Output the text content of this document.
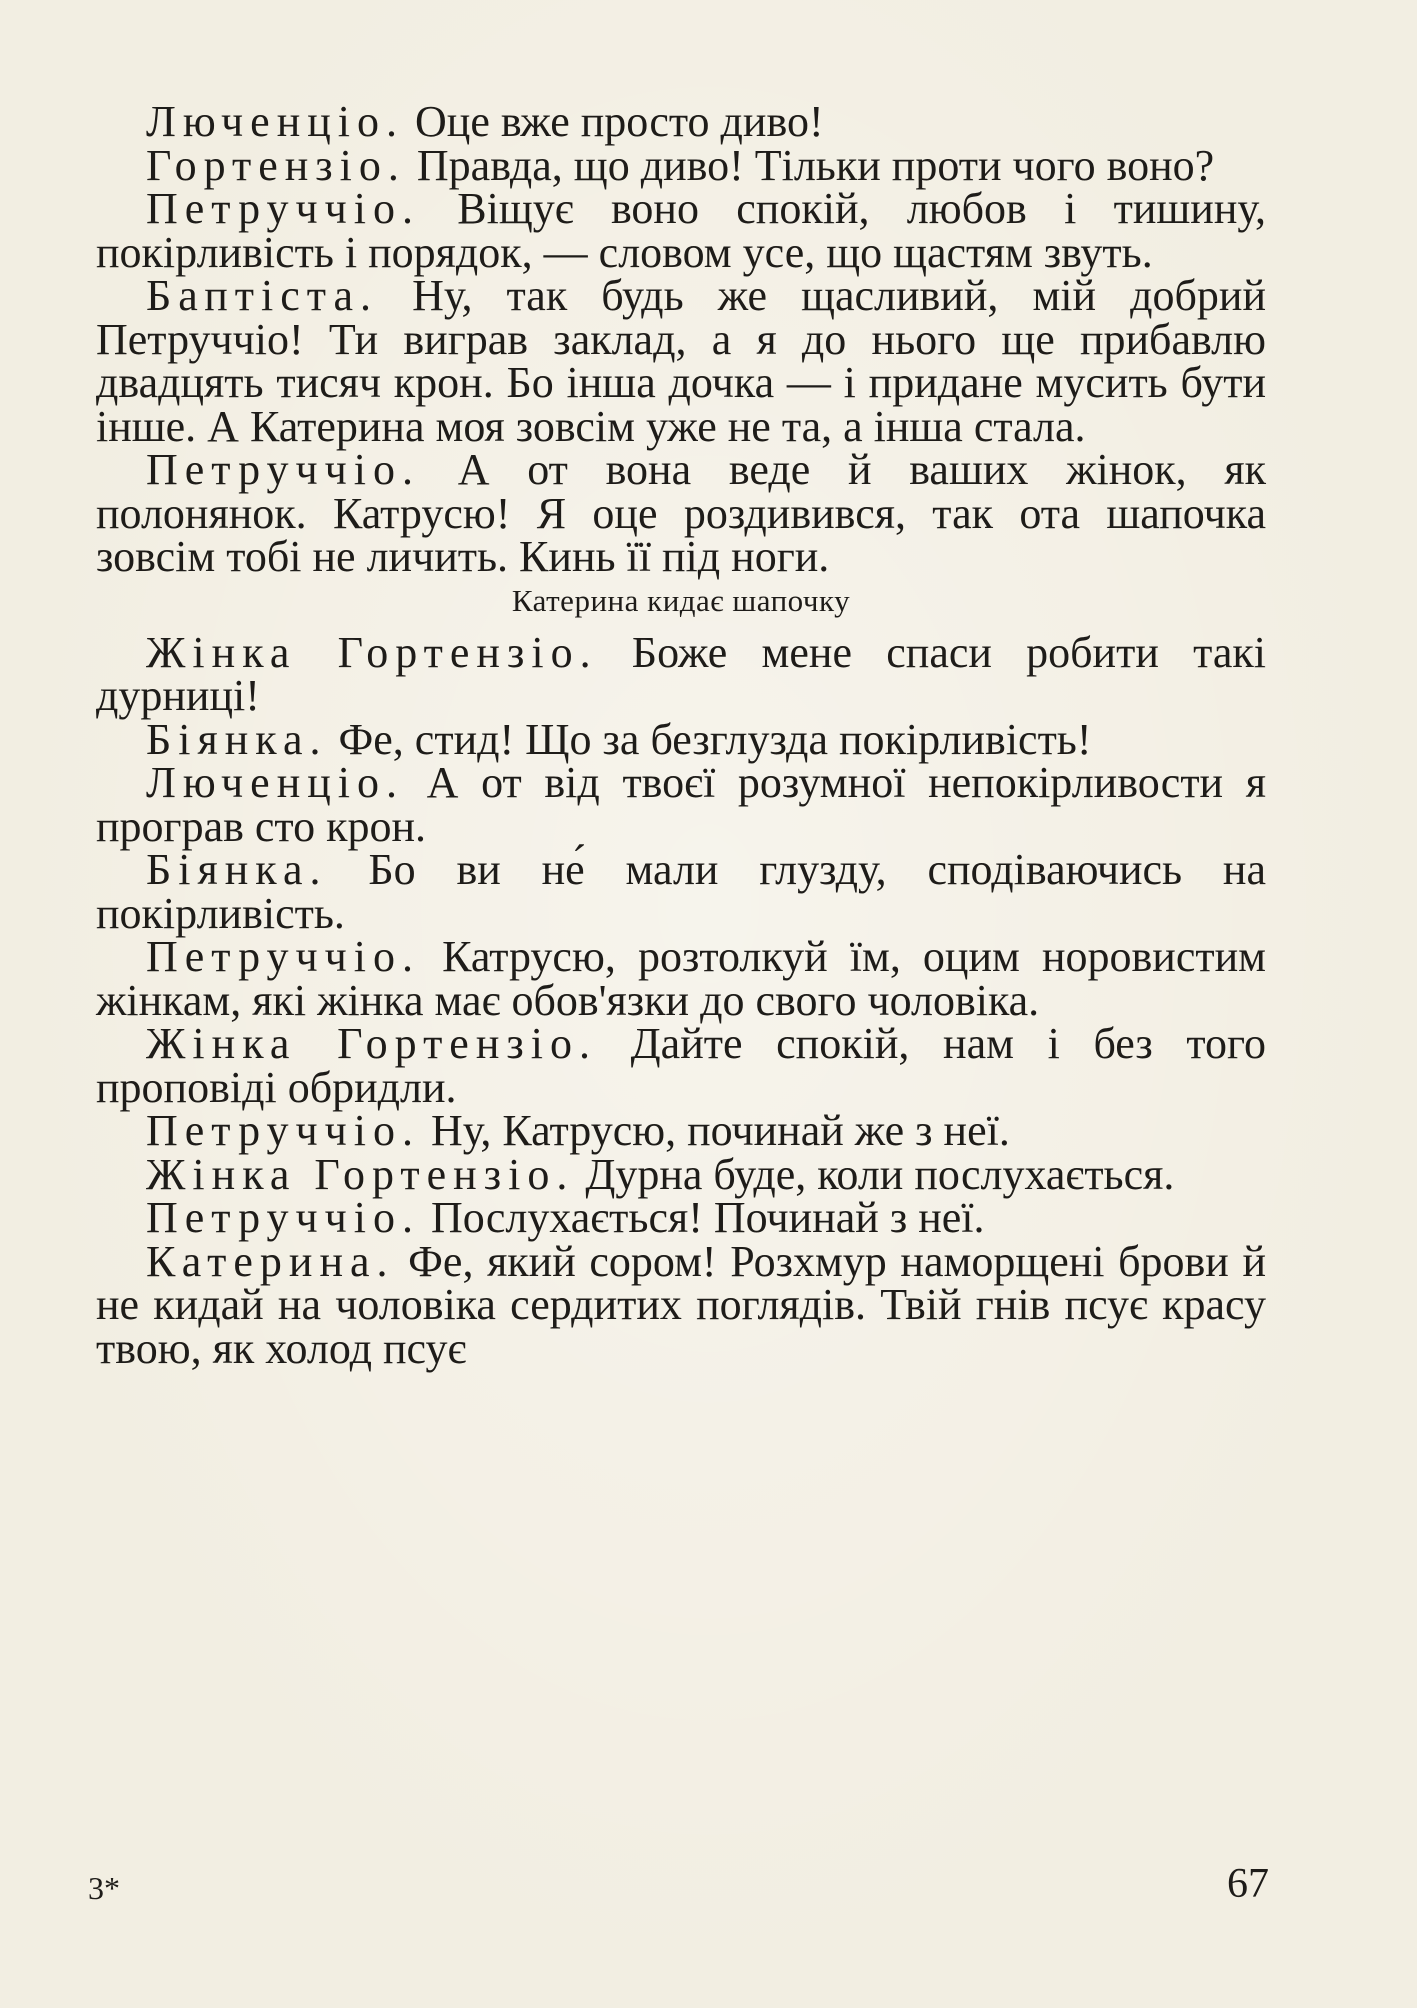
Люченціо. Оце вже просто диво!

Гортензіо. Правда, що диво! Тільки проти чого воно?

Петруччіо. Віщує воно спокій, любов і тишину, покірливість і порядок, — словом усе, що щастям звуть.

Баптіста. Ну, так будь же щасливий, мій добрий Петруччіо! Ти виграв заклад, а я до нього ще прибавлю двадцять тисяч крон. Бо інша дочка — і придане мусить бути інше. А Катерина моя зовсім уже не та, а інша стала.

Петруччіо. А от вона веде й ваших жінок, як полонянок. Катрусю! Я оце роздивився, так ота шапочка зовсім тобі не личить. Кинь її під ноги.

Катерина кидає шапочку

Жінка Гортензіо. Боже мене спаси робити такі дурниці!

Біянка. Фе, стид! Що за безглузда покірливість!

Люченціо. А от від твоєї розумної непокірливости я програв сто крон.

Біянка. Бо ви не́ мали глузду, сподіваючись на покірливість.

Петруччіо. Катрусю, розтолкуй їм, оцим норовистим жінкам, які жінка має обов'язки до свого чоловіка.

Жінка Гортензіо. Дайте спокій, нам і без того проповіді обридли.

Петруччіо. Ну, Катрусю, починай же з неї.

Жінка Гортензіо. Дурна буде, коли послухається.

Петруччіо. Послухається! Починай з неї.

Катерина. Фе, який сором! Розхмур наморщені брови й не кидай на чоловіка сердитих поглядів. Твій гнів псує красу твою, як холод псує

3*	67
